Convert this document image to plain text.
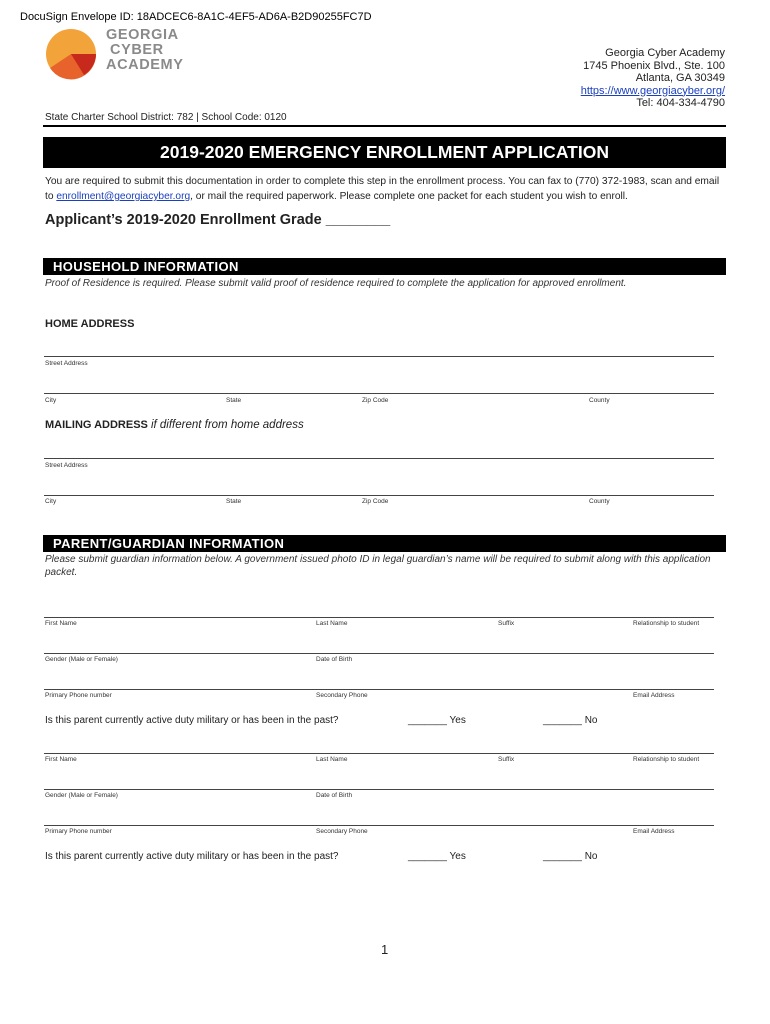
DocuSign Envelope ID: 18ADCEC6-8A1C-4EF5-AD6A-B2D90255FC7D
GEORGIA
CYBER
ACADEMY
Georgia Cyber Academy
1745 Phoenix Blvd., Ste. 100
Atlanta, GA 30349
https://www.georgiacyber.org/
Tel: 404-334-4790
State Charter School District: 782 | School Code: 0120
2019-2020 EMERGENCY ENROLLMENT APPLICATION
You are required to submit this documentation in order to complete this step in the enrollment process. You can fax to (770) 372-1983, scan and email to enrollment@georgiacyber.org, or mail the required paperwork. Please complete one packet for each student you wish to enroll.
Applicant’s 2019-2020 Enrollment Grade ________
HOUSEHOLD INFORMATION
Proof of Residence is required. Please submit valid proof of residence required to complete the application for approved enrollment.
HOME ADDRESS
Street Address
City	State	Zip Code	County
MAILING ADDRESS if different from home address
Street Address
City	State	Zip Code	County
PARENT/GUARDIAN INFORMATION
Please submit guardian information below. A government issued photo ID in legal guardian’s name will be required to submit along with this application packet.
First Name	Last Name	Suffix	Relationship to student
Gender (Male or Female)	Date of Birth
Primary Phone number	Secondary Phone	Email Address
Is this parent currently active duty military or has been in the past?	_______ Yes	_______ No
First Name	Last Name	Suffix	Relationship to student
Gender (Male or Female)	Date of Birth
Primary Phone number	Secondary Phone	Email Address
Is this parent currently active duty military or has been in the past?	_______ Yes	_______ No
1
